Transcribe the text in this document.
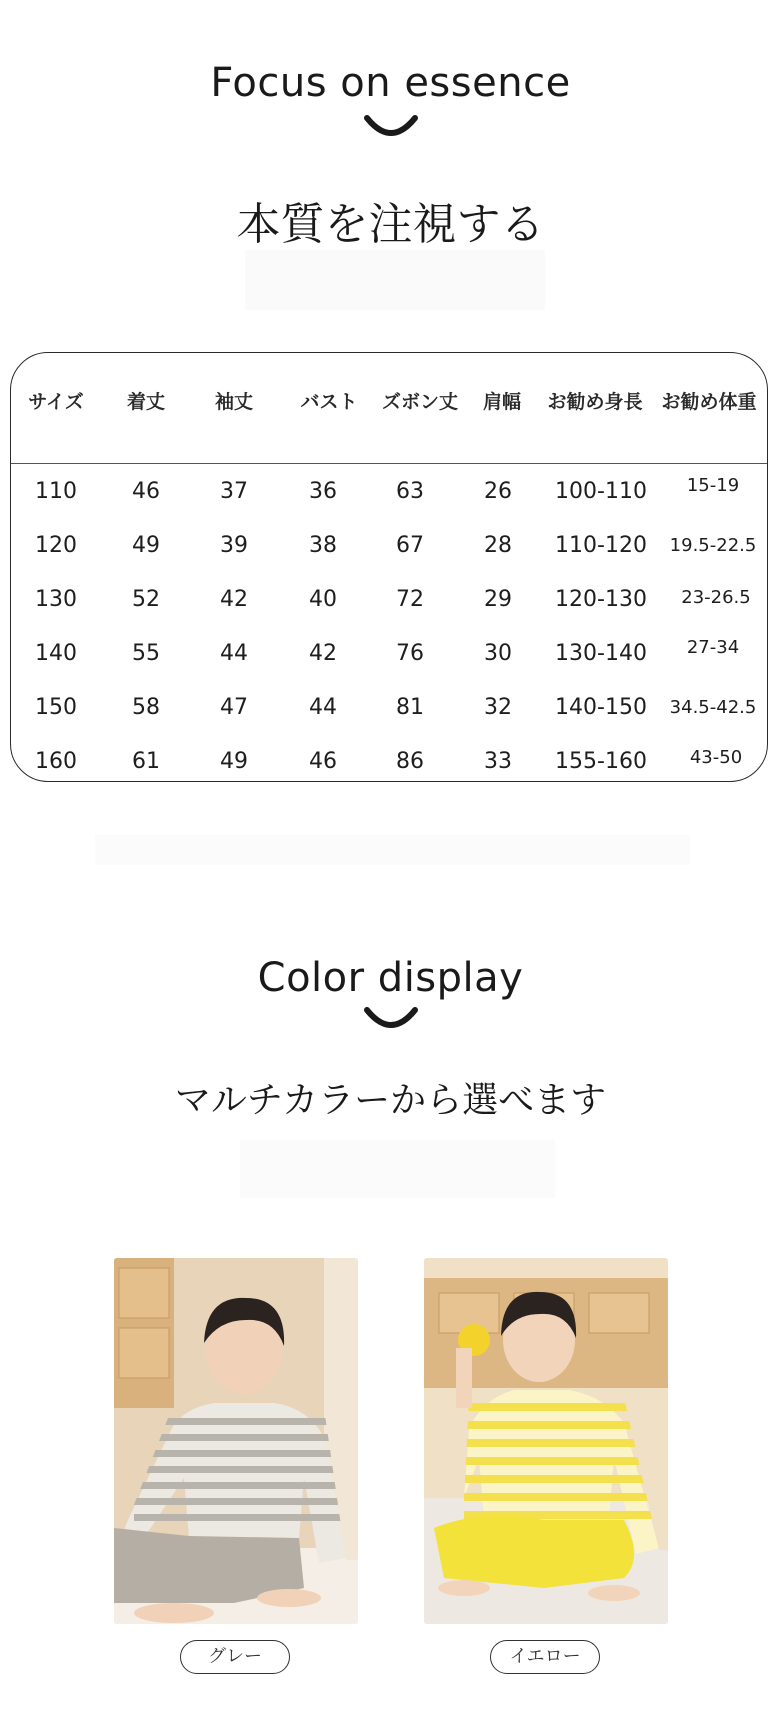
Focus on essence
本質を注視する
サイズ	着丈	袖丈	バスト	ズボン丈	肩幅	お勧め身長 お勧め体重
110	46	37	36	63	26	100-110	15-19
120	49	39	38	67	28	110-120	19.5-22.5
130	52	42	40	72	29	120-130	23-26.5
140	55	44	42	76	30	130-140	27-34
150	58	47	44	81	32	140-150	34.5-42.5
160	61	49	46	86	33	155-160	43-50
Color display
マルチカラーから選べます
グレー	イエロー
